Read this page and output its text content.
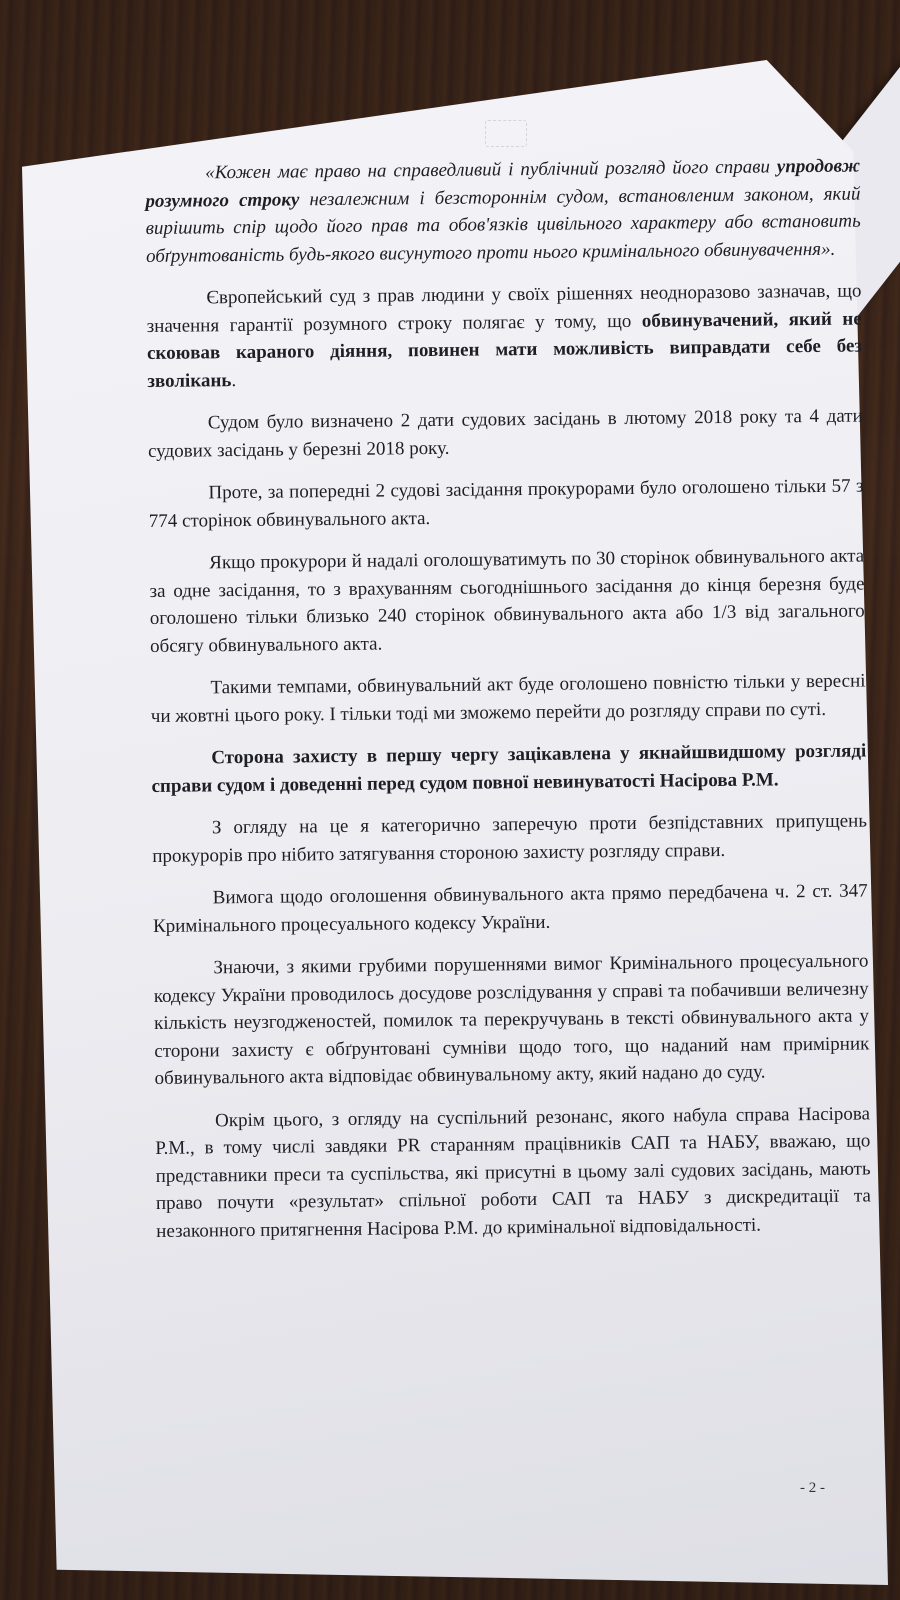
«Кожен має право на справедливий і публічний розгляд його справи упродовж розумного строку незалежним і безстороннім судом, встановленим законом, який вирішить спір щодо його прав та обов'язків цивільного характеру або встановить обґрунтованість будь-якого висунутого проти нього кримінального обвинувачення».

Європейський суд з прав людини у своїх рішеннях неодноразово зазначав, що значення гарантії розумного строку полягає у тому, що обвинувачений, який не скоював караного діяння, повинен мати можливість виправдати себе без зволікань.

Судом було визначено 2 дати судових засідань в лютому 2018 року та 4 дати судових засідань у березні 2018 року.

Проте, за попередні 2 судові засідання прокурорами було оголошено тільки 57 з 774 сторінок обвинувального акта.

Якщо прокурори й надалі оголошуватимуть по 30 сторінок обвинувального акта за одне засідання, то з врахуванням сьогоднішнього засідання до кінця березня буде оголошено тільки близько 240 сторінок обвинувального акта або 1/3 від загального обсягу обвинувального акта.

Такими темпами, обвинувальний акт буде оголошено повністю тільки у вересні чи жовтні цього року. І тільки тоді ми зможемо перейти до розгляду справи по суті.

Сторона захисту в першу чергу зацікавлена у якнайшвидшому розгляді справи судом і доведенні перед судом повної невинуватості Насірова Р.М.

З огляду на це я категорично заперечую проти безпідставних припущень прокурорів про нібито затягування стороною захисту розгляду справи.

Вимога щодо оголошення обвинувального акта прямо передбачена ч. 2 ст. 347 Кримінального процесуального кодексу України.

Знаючи, з якими грубими порушеннями вимог Кримінального процесуального кодексу України проводилось досудове розслідування у справі та побачивши величезну кількість неузгодженостей, помилок та перекручувань в тексті обвинувального акта у сторони захисту є обґрунтовані сумніви щодо того, що наданий нам примірник обвинувального акта відповідає обвинувальному акту, який надано до суду.

Окрім цього, з огляду на суспільний резонанс, якого набула справа Насірова Р.М., в тому числі завдяки PR старанням працівників САП та НАБУ, вважаю, що представники преси та суспільства, які присутні в цьому залі судових засідань, мають право почути «результат» спільної роботи САП та НАБУ з дискредитації та незаконного притягнення Насірова Р.М. до кримінальної відповідальності.

- 2 -
